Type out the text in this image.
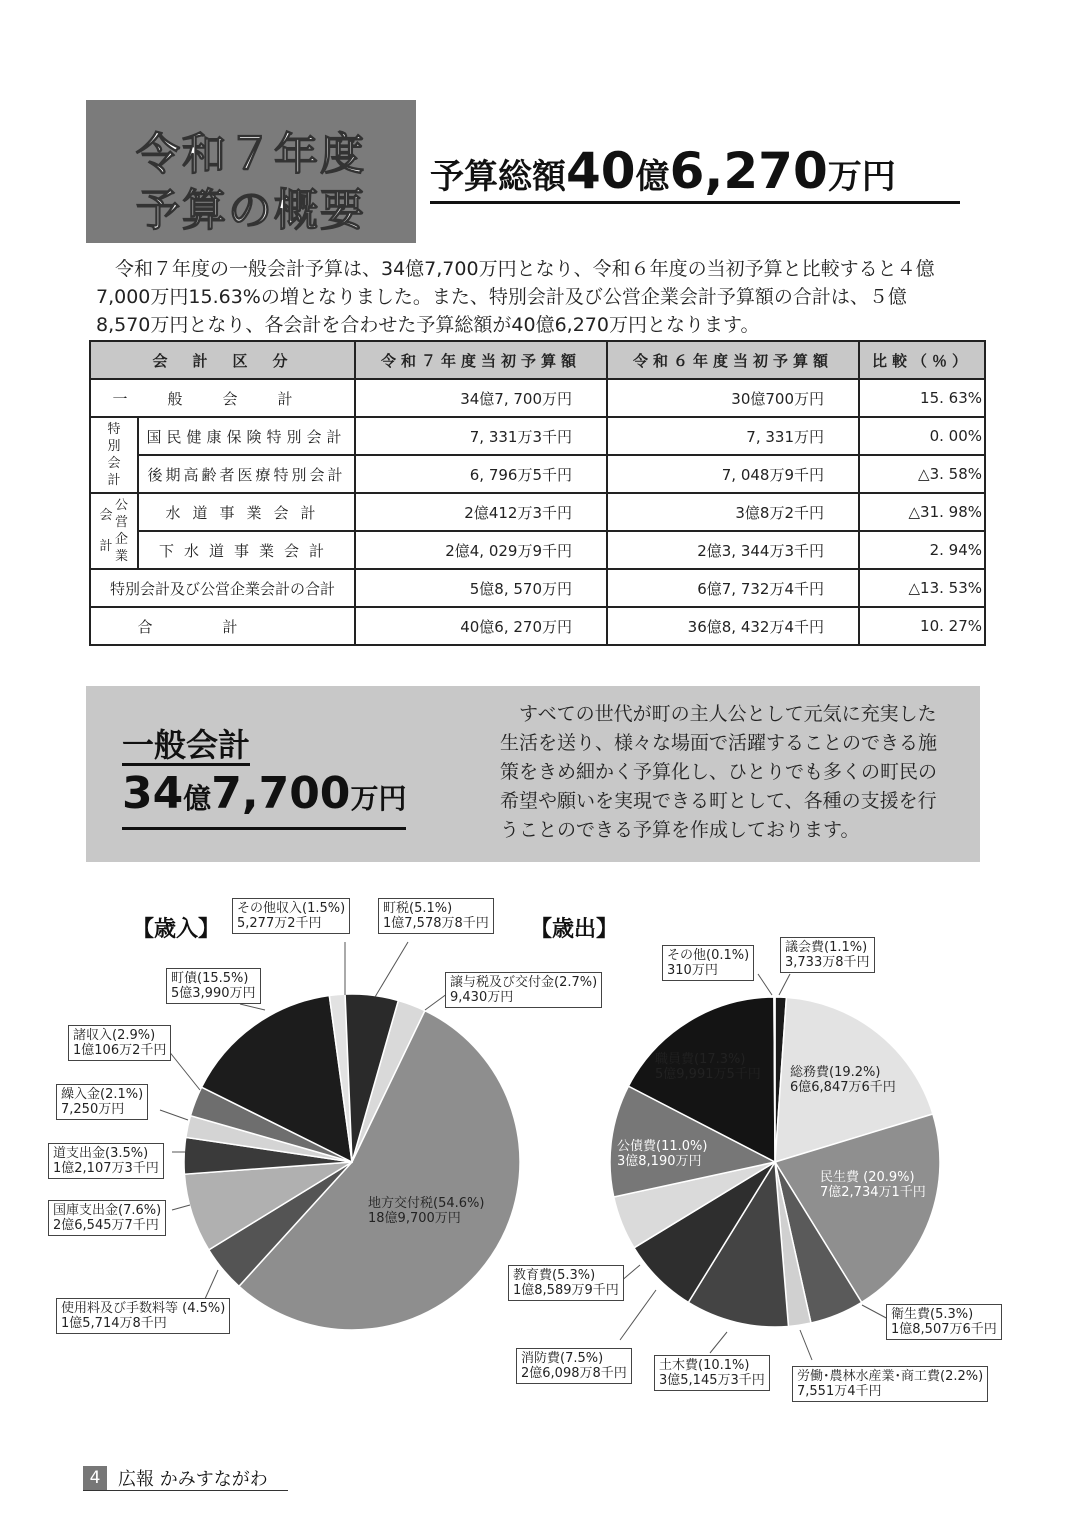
令和７年度
予算の概要
予算総額40億6,270万円
　令和７年度の一般会計予算は、34億7,700万円となり、令和６年度の当初予算と比較すると４億
7,000万円15.63%の増となりました。また、特別会計及び公営企業会計予算額の合計は、５億
8,570万円となり、各会計を合わせた予算総額が40億6,270万円となります。
会　計　区　分		令和７年度当初予算額	令和６年度当初予算額	比較（％）
一般会計		34億7, 700万円	30億700万円	15. 63%
特別会計	国民健康保険特別会計	7, 331万3千円	7, 331万円	0. 00%
	後期高齢者医療特別会計	6, 796万5千円	7, 048万9千円	△3. 58%

会
計
公営企業	水道事業会計	2億412万3千円	3億8万2千円	△31. 98%
	下水道事業会計	2億4, 029万9千円	2億3, 344万3千円	2. 94%
特別会計及び公営企業会計の合計		5億8, 570万円	6億7, 732万4千円	△13. 53%
合計		40億6, 270万円	36億8, 432万4千円	10. 27%
一般会計
34億7,700万円
　すべての世代が町の主人公として元気に充実した
生活を送り、様々な場面で活躍することのできる施
策をきめ細かく予算化し、ひとりでも多くの町民の
希望や願いを実現できる町として、各種の支援を行
うことのできる予算を作成しております。
【歳入】	【歳出】
その他収入(1.5%)
5,277万2千円
町税(5.1%)
1億7,578万8千円
譲与税及び交付金(2.7%)
9,430万円
町債(15.5%)
5億3,990万円
諸収入(2.9%)
1億106万2千円
繰入金(2.1%)
7,250万円
道支出金(3.5%)
1億2,107万3千円
国庫支出金(7.6%)
2億6,545万7千円
使用料及び手数料等 (4.5%)
1億5,714万8千円
地方交付税(54.6%)
18億9,700万円
その他(0.1%)
310万円
議会費(1.1%)
3,733万8千円
職員費(17.3%)
5億9,991万5千円 総務費(19.2%)
6億6,847万6千円
公債費(11.0%)
3億8,190万円
民生費 (20.9%)
7億2,734万1千円
教育費(5.3%)
1億8,589万9千円
衛生費(5.3%)
1億8,507万6千円
消防費(7.5%)
2億6,098万8千円
土木費(10.1%)
3億5,145万3千円 労働･農林水産業･商工費(2.2%)
7,551万4千円
4 広報 かみすながわ
